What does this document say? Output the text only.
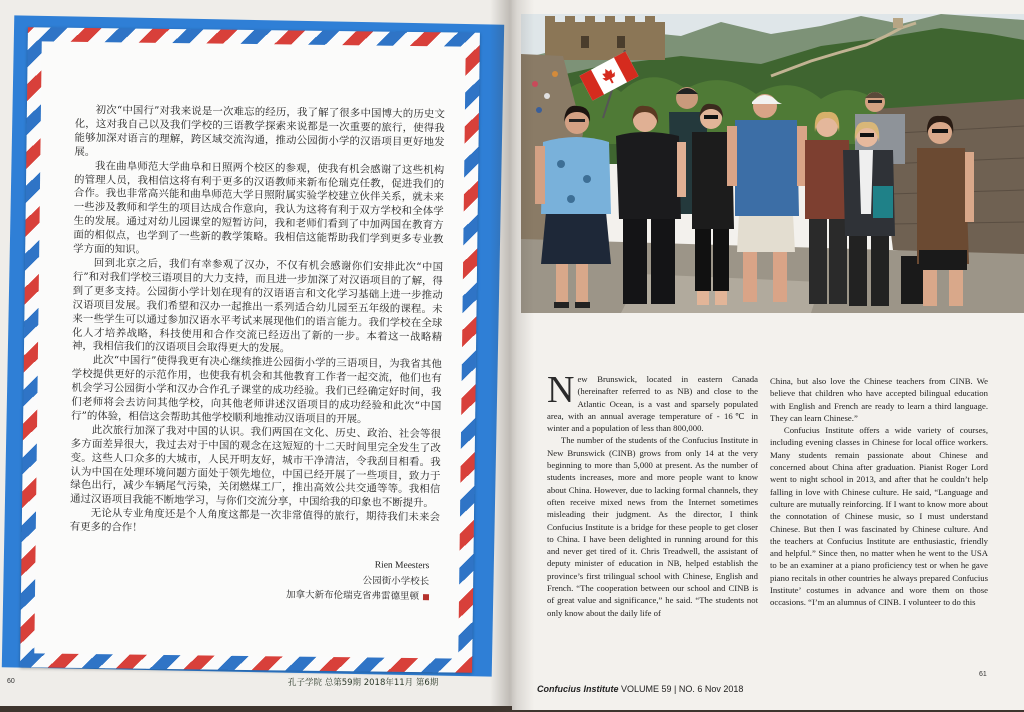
初次“中国行”对我来说是一次难忘的经历，我了解了很多中国博大的历史文化，这对我自己以及我们学校的三语教学探索来说都是一次重要的旅行，使得我能够加深对语言的理解，跨区域交流沟通，推动公园街小学的汉语项目更好地发展。

我在曲阜师范大学曲阜和日照两个校区的参观，使我有机会感谢了这些机构的管理人员，我相信这将有利于更多的汉语教师来新布伦瑞克任教，促进我们的合作。我也非常高兴能和曲阜师范大学日照附属实验学校建立伙伴关系，就未来一些涉及教师和学生的项目达成合作意向，我认为这将有利于双方学校和全体学生的发展。通过对幼儿园课堂的短暂访问，我和老师们看到了中加两国在教育方面的相似点，也学到了一些新的教学策略。我相信这能帮助我们学到更多专业教学方面的知识。

回到北京之后，我们有幸参观了汉办，不仅有机会感谢你们安排此次“中国行”和对我们学校三语项目的大力支持，而且进一步加深了对汉语项目的了解，得到了更多支持。公园街小学计划在现有的汉语语言和文化学习基础上进一步推动汉语项目发展。我们希望和汉办一起推出一系列适合幼儿园至五年级的课程。未来一些学生可以通过参加汉语水平考试来展现他们的语言能力。我们学校在全球化人才培养战略，科技使用和合作交流已经迈出了新的一步。本着这一战略精神，我相信我们的汉语项目会取得更大的发展。

此次“中国行”使得我更有决心继续推进公园街小学的三语项目，为我省其他学校提供更好的示范作用，也使我有机会和其他教育工作者一起交流，他们也有机会学习公园街小学和汉办合作孔子课堂的成功经验。我们已经确定好时间，我们老师将会去访问其他学校，向其他老师讲述汉语项目的成功经验和此次“中国行”的体验，相信这会帮助其他学校顺利地推动汉语项目的开展。

此次旅行加深了我对中国的认识。我们两国在文化、历史、政治、社会等很多方面差异很大，我过去对于中国的观念在这短短的十二天时间里完全发生了改变。这些人口众多的大城市，人民开明友好，城市干净清洁，令我刮目相看。我认为中国在处理环境问题方面处于领先地位，中国已经开展了一些项目，致力于绿色出行，减少车辆尾气污染，关闭燃煤工厂，推出高效公共交通等等。我相信通过汉语项目我能不断地学习，与你们交流分享，中国给我的印象也不断提升。

无论从专业角度还是个人角度这都是一次非常值得的旅行，期待我们未来会有更多的合作！

Rien Meesters
公园街小学校长
加拿大新布伦瑞克省弗雷德里顿
60	孔子学院 总第59期 2018年11月 第6期

New Brunswick, located in eastern Canada (hereinafter referred to as NB) and close to the Atlantic Ocean, is a vast and sparsely populated area, with an annual average temperature of - 16℃ in winter and a population of less than 800,000.

The number of the students of the Confucius Institute in New Brunswick (CINB) grows from only 14 at the very beginning to more than 5,000 at present. As the number of students increases, more and more people want to know about China. However, due to lacking formal channels, they often receive mixed news from the Internet sometimes misleading their judgment. As the director, I think Confucius Institute is a bridge for these people to get closer to China. I have been delighted in running around for this and never get tired of it. Chris Treadwell, the assistant of deputy minister of education in NB, helped establish the province’s first trilingual school with Chinese, English and French. “The cooperation between our school and CINB is of great value and significance,” he said. “The students not only know about the daily life of

China, but also love the Chinese teachers from CINB. We believe that children who have accepted bilingual education with English and French are ready to learn a third language. They can learn Chinese.”

Confucius Institute offers a wide variety of courses, including evening classes in Chinese for local office workers. Many students remain passionate about Chinese and concerned about China after graduation. Pianist Roger Lord went to night school in 2013, and after that he couldn’t help falling in love with Chinese culture. He said, “Language and culture are mutually reinforcing. If I want to know more about the connotation of Chinese music, so I must understand Chinese. But then I was fascinated by Chinese culture. And the teachers at Confucius Institute are enthusiastic, friendly and helpful.” Since then, no matter when he went to the USA to be an examiner at a piano proficiency test or when he gave piano recitals in other countries he always prepared Confucius Institute’ costumes in advance and wore them on those occasions. “I’m an alumnus of CINB. I volunteer to do this

Confucius Institute VOLUME 59 | NO. 6 Nov 2018
61
